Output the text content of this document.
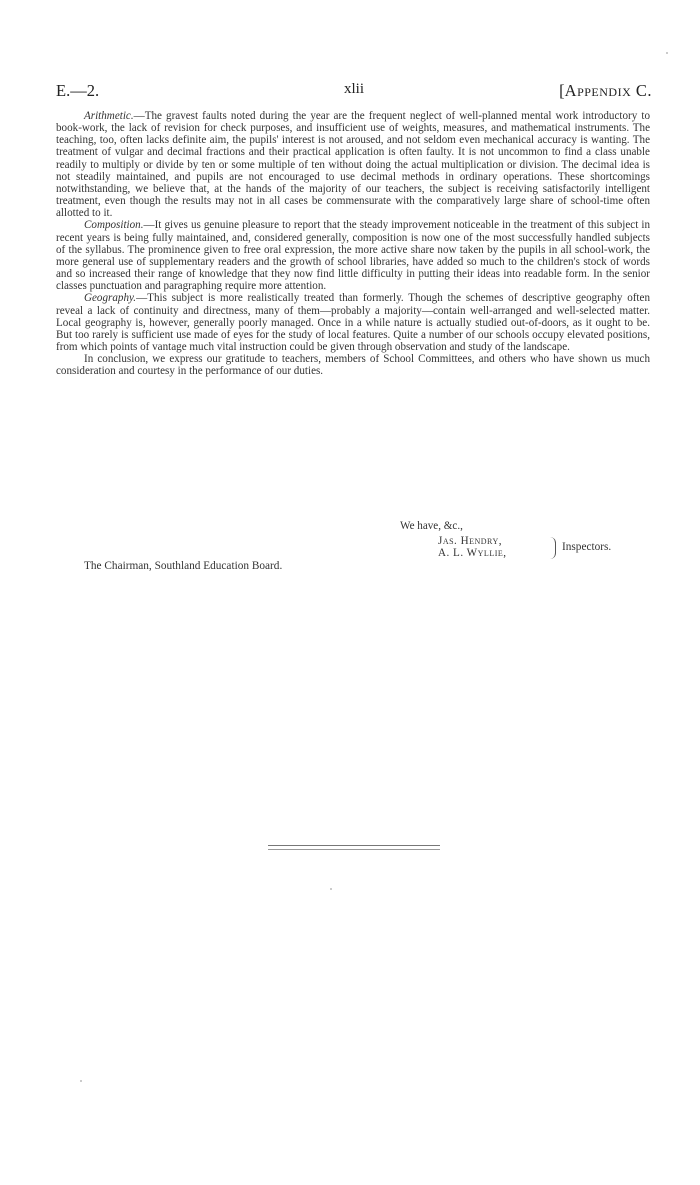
E.—2.	xlii	[Appendix C.

Arithmetic.—The gravest faults noted during the year are the frequent neglect of well-planned mental work introductory to book-work, the lack of revision for check purposes, and insufficient use of weights, measures, and mathematical instruments. The teaching, too, often lacks definite aim, the pupils' interest is not aroused, and not seldom even mechanical accuracy is wanting. The treatment of vulgar and decimal fractions and their practical application is often faulty. It is not uncommon to find a class unable readily to multiply or divide by ten or some multiple of ten without doing the actual multiplication or division. The decimal idea is not steadily maintained, and pupils are not encouraged to use decimal methods in ordinary operations. These shortcomings notwithstanding, we believe that, at the hands of the majority of our teachers, the subject is receiving satisfactorily intelligent treatment, even though the results may not in all cases be commensurate with the comparatively large share of school-time often allotted to it.

Composition.—It gives us genuine pleasure to report that the steady improvement noticeable in the treatment of this subject in recent years is being fully maintained, and, considered generally, composition is now one of the most successfully handled subjects of the syllabus. The prominence given to free oral expression, the more active share now taken by the pupils in all school-work, the more general use of supplementary readers and the growth of school libraries, have added so much to the children's stock of words and so increased their range of knowledge that they now find little difficulty in putting their ideas into readable form. In the senior classes punctuation and paragraphing require more attention.

Geography.—This subject is more realistically treated than formerly. Though the schemes of descriptive geography often reveal a lack of continuity and directness, many of them—probably a majority—contain well-arranged and well-selected matter. Local geography is, however, generally poorly managed. Once in a while nature is actually studied out-of-doors, as it ought to be. But too rarely is sufficient use made of eyes for the study of local features. Quite a number of our schools occupy elevated positions, from which points of vantage much vital instruction could be given through observation and study of the landscape.

In conclusion, we express our gratitude to teachers, members of School Committees, and others who have shown us much consideration and courtesy in the performance of our duties.

We have, &c.,
Jas. Hendry,
A. L. Wyllie,
Inspectors.
The Chairman, Southland Education Board.
